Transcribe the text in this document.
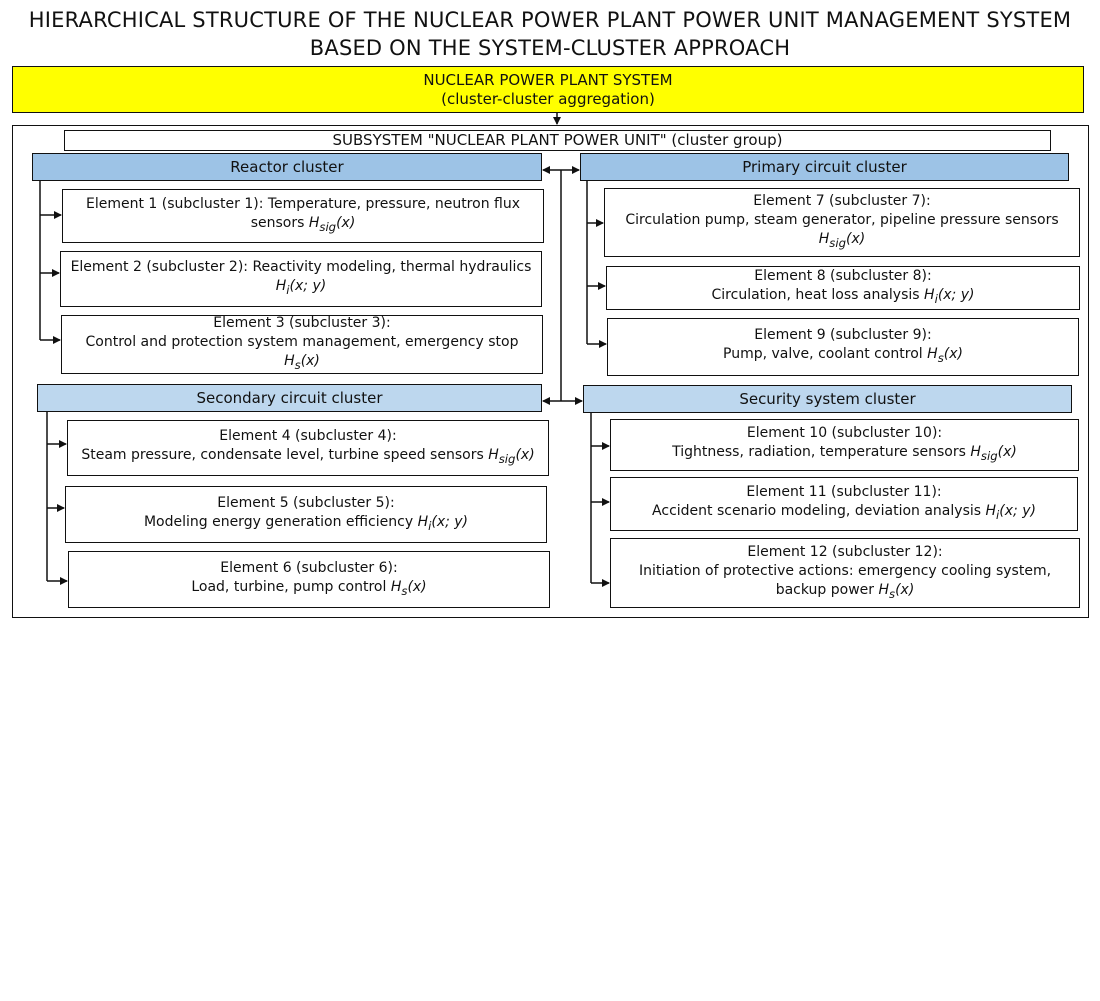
HIERARCHICAL STRUCTURE OF THE NUCLEAR POWER PLANT POWER UNIT MANAGEMENT SYSTEM
BASED ON THE SYSTEM-CLUSTER APPROACH
NUCLEAR POWER PLANT SYSTEM
(cluster-cluster aggregation)
SUBSYSTEM "NUCLEAR PLANT POWER UNIT" (cluster group)
Reactor cluster	Primary circuit cluster
Secondary circuit cluster	Security system cluster
Element 1 (subcluster 1): Temperature, pressure, neutron flux
sensors $H_{sig}(x)$
Element 2 (subcluster 2): Reactivity modeling, thermal hydraulics
$H_i(x$; y)
Element 3 (subcluster 3):
Control and protection system management, emergency stop
$H_s(x)$
Element 7 (subcluster 7):
Circulation pump, steam generator, pipeline pressure sensors
$H_{sig}(x)$
Element 8 (subcluster 8):
Circulation, heat loss analysis $H_i(x$; y)
Element 9 (subcluster 9):
Pump, valve, coolant control $H_s(x)$
Element 4 (subcluster 4):
Steam pressure, condensate level, turbine speed sensors $H_{sig}(x)$
Element 5 (subcluster 5):
Modeling energy generation efficiency $H_i(x$; y)
Element 6 (subcluster 6):
Load, turbine, pump control $H_s(x)$
Element 10 (subcluster 10):
Tightness, radiation, temperature sensors $H_{sig}(x)$
Element 11 (subcluster 11):
Accident scenario modeling, deviation analysis $H_i(x$; y)
Element 12 (subcluster 12):
Initiation of protective actions: emergency cooling system,
backup power $H_s(x)$
